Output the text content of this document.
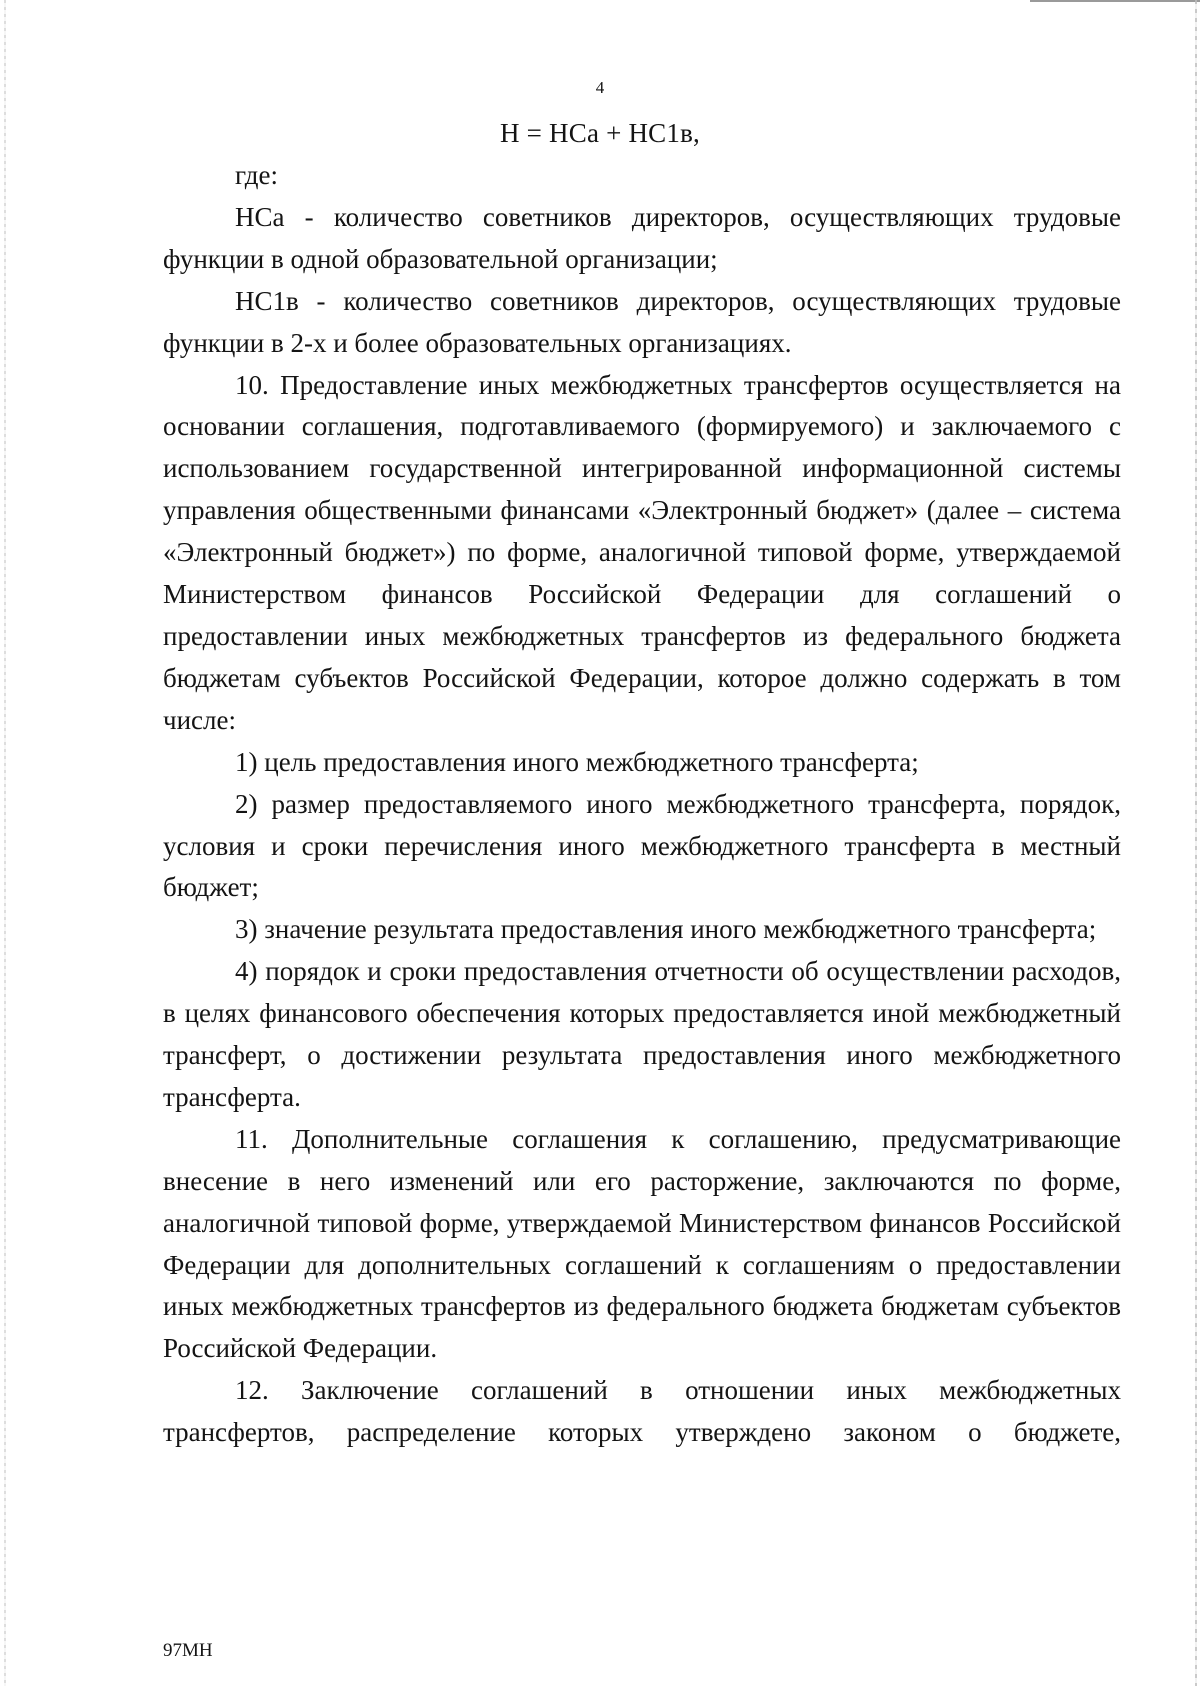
4
Н = НСа + НС1в,

где:

НСа - количество советников директоров, осуществляющих трудовые функции в одной образовательной организации;

НС1в - количество советников директоров, осуществляющих трудовые функции в 2-х и более образовательных организациях.

10. Предоставление иных межбюджетных трансфертов осуществляется на основании соглашения, подготавливаемого (формируемого) и заключаемого с использованием государственной интегрированной информационной системы управления общественными финансами «Электронный бюджет» (далее – система «Электронный бюджет») по форме, аналогичной типовой форме, утверждаемой Министерством финансов Российской Федерации для соглашений о предоставлении иных межбюджетных трансфертов из федерального бюджета бюджетам субъектов Российской Федерации, которое должно содержать в том числе:

1) цель предоставления иного межбюджетного трансферта;

2) размер предоставляемого иного межбюджетного трансферта, порядок, условия и сроки перечисления иного межбюджетного трансферта в местный бюджет;

3) значение результата предоставления иного межбюджетного трансферта;

4) порядок и сроки предоставления отчетности об осуществлении расходов, в целях финансового обеспечения которых предоставляется иной межбюджетный трансферт, о достижении результата предоставления иного межбюджетного трансферта.

11. Дополнительные соглашения к соглашению, предусматривающие внесение в него изменений или его расторжение, заключаются по форме, аналогичной типовой форме, утверждаемой Министерством финансов Российской Федерации для дополнительных соглашений к соглашениям о предоставлении иных межбюджетных трансфертов из федерального бюджета бюджетам субъектов Российской Федерации.

12. Заключение соглашений в отношении иных межбюджетных трансфертов, распределение которых утверждено законом о бюджете,

97МН
